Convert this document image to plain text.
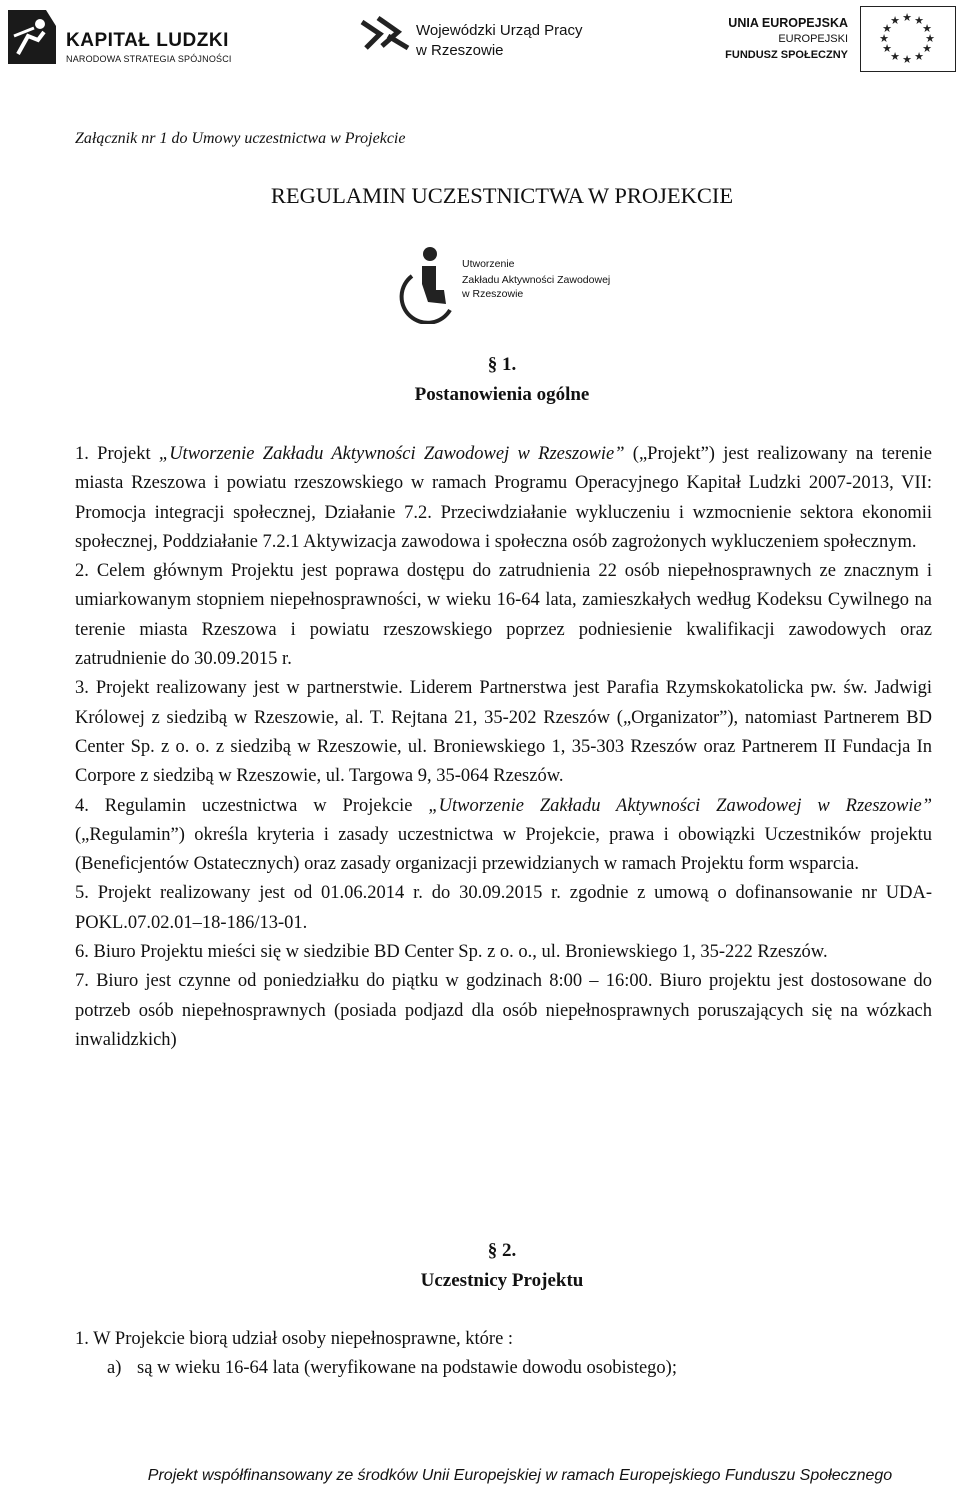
KAPITAŁ LUDZKI
NARODOWA STRATEGIA SPÓJNOŚCI
Wojewódzki Urząd Pracy
w Rzeszowie
UNIA EUROPEJSKA
EUROPEJSKI
FUNDUSZ SPOŁECZNY
★ ★
★
★
★
★
★
★
★
★
★
★
Załącznik nr 1 do Umowy uczestnictwa w Projekcie
REGULAMIN UCZESTNICTWA W PROJEKCIE
Utworzenie
Zakładu Aktywności Zawodowej
w Rzeszowie
§ 1.
Postanowienia ogólne

1. Projekt „Utworzenie Zakładu Aktywności Zawodowej w Rzeszowie” („Projekt”) jest realizowany na terenie miasta Rzeszowa i powiatu rzeszowskiego w ramach Programu Operacyjnego Kapitał Ludzki 2007-2013, VII: Promocja integracji społecznej, Działanie 7.2. Przeciwdziałanie wykluczeniu i wzmocnienie sektora ekonomii społecznej, Poddziałanie 7.2.1 Aktywizacja zawodowa i społeczna osób zagrożonych wykluczeniem społecznym.

2. Celem głównym Projektu jest poprawa dostępu do zatrudnienia 22 osób niepełnosprawnych ze znacznym i umiarkowanym stopniem niepełnosprawności, w wieku 16-64 lata, zamieszkałych według Kodeksu Cywilnego na terenie miasta Rzeszowa i powiatu rzeszowskiego poprzez podniesienie kwalifikacji zawodowych oraz zatrudnienie do 30.09.2015 r.

3. Projekt realizowany jest w partnerstwie. Liderem Partnerstwa jest Parafia Rzymskokatolicka pw. św. Jadwigi Królowej z siedzibą w Rzeszowie, al. T. Rejtana 21, 35-202 Rzeszów („Organizator”), natomiast Partnerem BD Center Sp. z o. o. z siedzibą w Rzeszowie, ul. Broniewskiego 1, 35-303 Rzeszów oraz Partnerem II Fundacja In Corpore z siedzibą w Rzeszowie, ul. Targowa 9, 35-064 Rzeszów.

4. Regulamin uczestnictwa w Projekcie „Utworzenie Zakładu Aktywności Zawodowej w Rzeszowie” („Regulamin”) określa kryteria i zasady uczestnictwa w Projekcie, prawa i obowiązki Uczestników projektu (Beneficjentów Ostatecznych) oraz zasady organizacji przewidzianych w ramach Projektu form wsparcia.

5. Projekt realizowany jest od 01.06.2014 r. do 30.09.2015 r. zgodnie z umową o dofinansowanie nr UDA- POKL.07.02.01–18-186/13-01.

6. Biuro Projektu mieści się w siedzibie BD Center Sp. z o. o., ul. Broniewskiego 1, 35-222 Rzeszów.

7. Biuro jest czynne od poniedziałku do piątku w godzinach 8:00 – 16:00. Biuro projektu jest dostosowane do potrzeb osób niepełnosprawnych (posiada podjazd dla osób niepełnosprawnych poruszających się na wózkach inwalidzkich)

§ 2.
Uczestnicy Projektu

1. W Projekcie biorą udział osoby niepełnosprawne, które :

a) są w wieku 16-64 lata (weryfikowane na podstawie dowodu osobistego);

Projekt współfinansowany ze środków Unii Europejskiej w ramach Europejskiego Funduszu Społecznego
